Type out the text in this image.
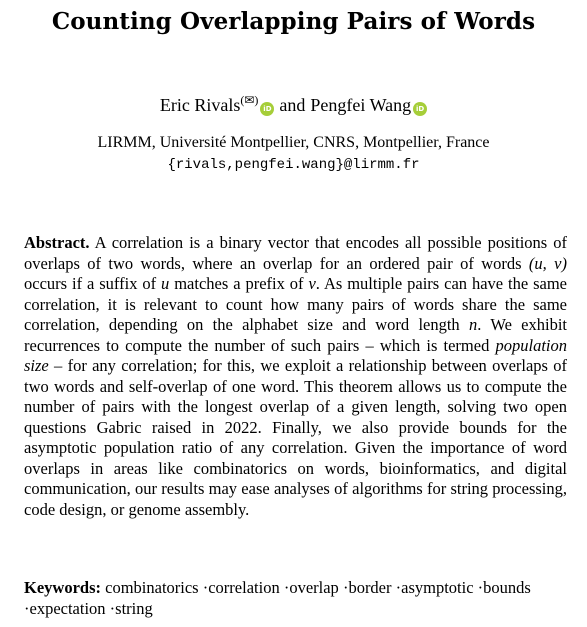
Counting Overlapping Pairs of Words
Eric Rivals(✉)iD and Pengfei Wang iD
LIRMM, Université Montpellier, CNRS, Montpellier, France
{rivals,pengfei.wang}@lirmm.fr
Abstract. A correlation is a binary vector that encodes all possible positions of overlaps of two words, where an overlap for an ordered pair of words (u, v) occurs if a suffix of u matches a prefix of v. As multiple pairs can have the same correlation, it is relevant to count how many pairs of words share the same correlation, depending on the alphabet size and word length n. We exhibit recurrences to compute the number of such pairs – which is termed population size – for any correlation; for this, we exploit a relationship between overlaps of two words and self-overlap of one word. This theorem allows us to compute the number of pairs with the longest overlap of a given length, solving two open questions Gabric raised in 2022. Finally, we also provide bounds for the asymptotic population ratio of any correlation. Given the importance of word overlaps in areas like combinatorics on words, bioinformatics, and digital communication, our results may ease analyses of algorithms for string processing, code design, or genome assembly.
Keywords: combinatorics · correlation · overlap · border · asymptotic · bounds · expectation · string
